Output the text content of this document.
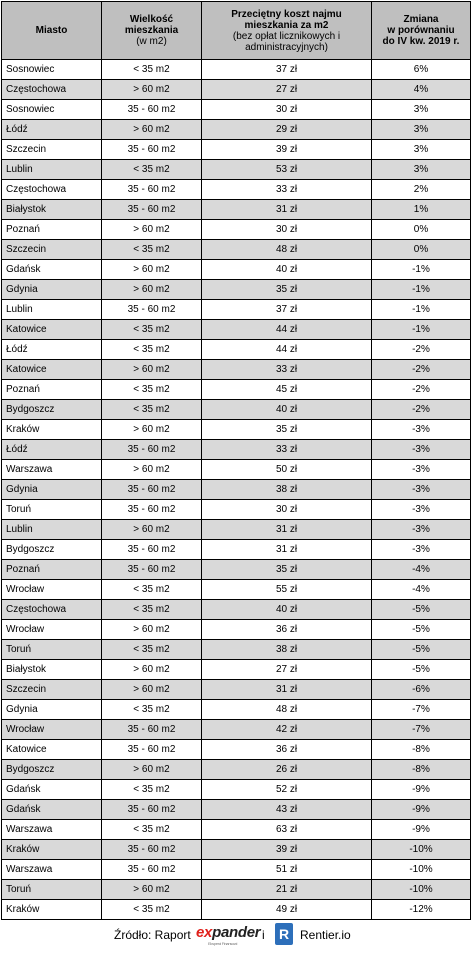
Miasto	Wielkość
mieszkania
(w m2)	Przeciętny koszt najmu
mieszkania za m2
(bez opłat licznikowych i
administracyjnych)	Zmiana
w porównaniu
do IV kw. 2019 r.

Sosnowiec	< 35 m2	37 zł	6%
Częstochowa	> 60 m2	27 zł	4%
Sosnowiec	35 - 60 m2	30 zł	3%
Łódź	> 60 m2	29 zł	3%
Szczecin	35 - 60 m2	39 zł	3%
Lublin	< 35 m2	53 zł	3%
Częstochowa	35 - 60 m2	33 zł	2%
Białystok	35 - 60 m2	31 zł	1%
Poznań	> 60 m2	30 zł	0%
Szczecin	< 35 m2	48 zł	0%
Gdańsk	> 60 m2	40 zł	-1%
Gdynia	> 60 m2	35 zł	-1%
Lublin	35 - 60 m2	37 zł	-1%
Katowice	< 35 m2	44 zł	-1%
Łódź	< 35 m2	44 zł	-2%
Katowice	> 60 m2	33 zł	-2%
Poznań	< 35 m2	45 zł	-2%
Bydgoszcz	< 35 m2	40 zł	-2%
Kraków	> 60 m2	35 zł	-3%
Łódź	35 - 60 m2	33 zł	-3%
Warszawa	> 60 m2	50 zł	-3%
Gdynia	35 - 60 m2	38 zł	-3%
Toruń	35 - 60 m2	30 zł	-3%
Lublin	> 60 m2	31 zł	-3%
Bydgoszcz	35 - 60 m2	31 zł	-3%
Poznań	35 - 60 m2	35 zł	-4%
Wrocław	< 35 m2	55 zł	-4%
Częstochowa	< 35 m2	40 zł	-5%
Wrocław	> 60 m2	36 zł	-5%
Toruń	< 35 m2	38 zł	-5%
Białystok	> 60 m2	27 zł	-5%
Szczecin	> 60 m2	31 zł	-6%
Gdynia	< 35 m2	48 zł	-7%
Wrocław	35 - 60 m2	42 zł	-7%
Katowice	35 - 60 m2	36 zł	-8%
Bydgoszcz	> 60 m2	26 zł	-8%
Gdańsk	< 35 m2	52 zł	-9%
Gdańsk	35 - 60 m2	43 zł	-9%
Warszawa	< 35 m2	63 zł	-9%
Kraków	35 - 60 m2	39 zł	-10%
Warszawa	35 - 60 m2	51 zł	-10%
Toruń	> 60 m2	21 zł	-10%
Kraków	< 35 m2	49 zł	-12%
Źródło: Raport expander
Eksperci Finansowi
i R Rentier.io
